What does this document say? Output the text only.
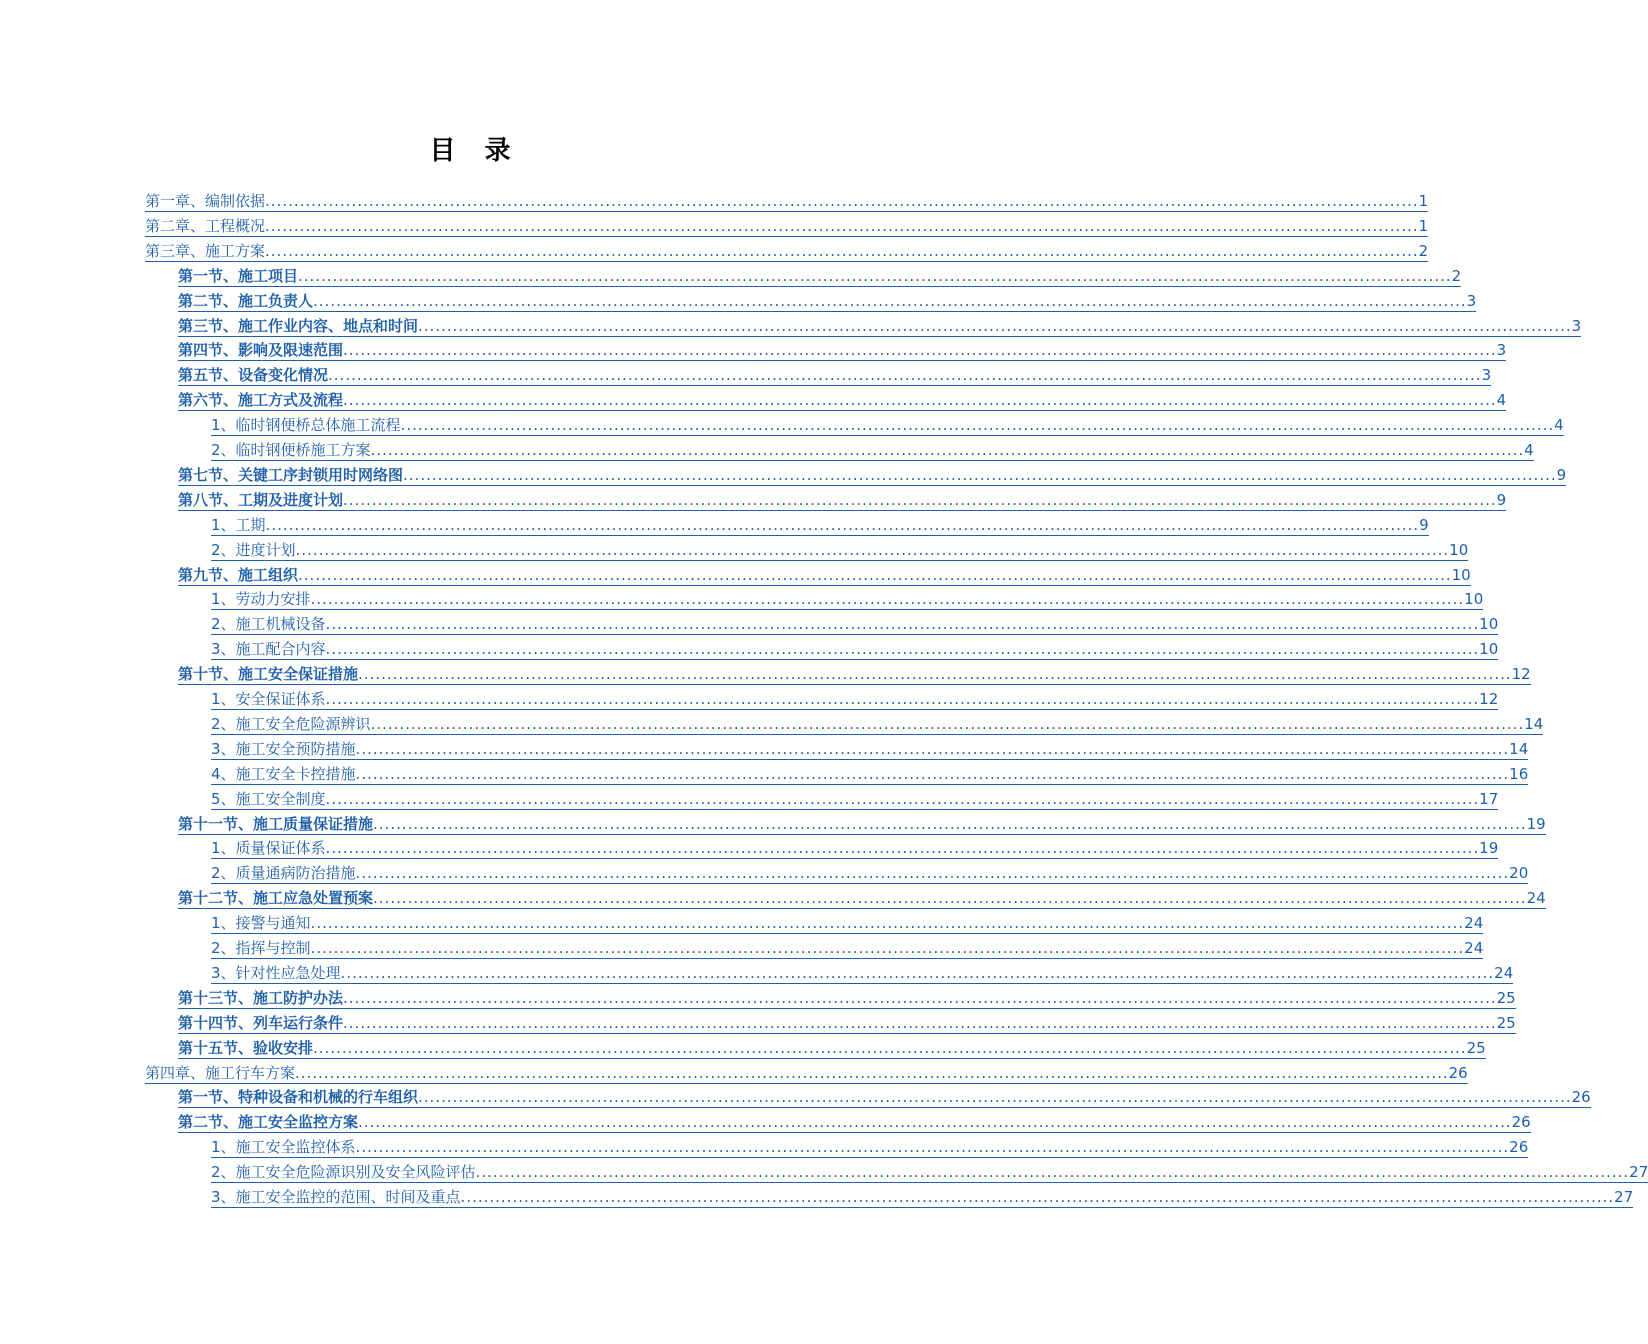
目 录
第一章、编制依据 ........................................................................................................................................................................................................ 1
第二章、工程概况 ........................................................................................................................................................................................................ 1
第三章、施工方案 ........................................................................................................................................................................................................ 2
第一节、施工项目 ........................................................................................................................................................................................................ 2
第二节、施工负责人 ........................................................................................................................................................................................................ 3
第三节、施工作业内容、地点和时间 ........................................................................................................................................................................................................ 3
第四节、影响及限速范围 ........................................................................................................................................................................................................ 3
第五节、设备变化情况 ........................................................................................................................................................................................................ 3
第六节、施工方式及流程 ........................................................................................................................................................................................................ 4
1、临时钢便桥总体施工流程 ........................................................................................................................................................................................................ 4
2、临时钢便桥施工方案 ........................................................................................................................................................................................................ 4
第七节、关键工序封锁用时网络图 ........................................................................................................................................................................................................ 9
第八节、工期及进度计划 ........................................................................................................................................................................................................ 9
1、工期 ........................................................................................................................................................................................................ 9
2、进度计划 ........................................................................................................................................................................................................ 10
第九节、施工组织 ........................................................................................................................................................................................................ 10
1、劳动力安排 ........................................................................................................................................................................................................ 10
2、施工机械设备 ........................................................................................................................................................................................................ 10
3、施工配合内容 ........................................................................................................................................................................................................ 10
第十节、施工安全保证措施 ........................................................................................................................................................................................................ 12
1、安全保证体系 ........................................................................................................................................................................................................ 12
2、施工安全危险源辨识 ........................................................................................................................................................................................................ 14
3、施工安全预防措施 ........................................................................................................................................................................................................ 14
4、施工安全卡控措施 ........................................................................................................................................................................................................ 16
5、施工安全制度 ........................................................................................................................................................................................................ 17
第十一节、施工质量保证措施 ........................................................................................................................................................................................................ 19
1、质量保证体系 ........................................................................................................................................................................................................ 19
2、质量通病防治措施 ........................................................................................................................................................................................................ 20
第十二节、施工应急处置预案 ........................................................................................................................................................................................................ 24
1、接警与通知 ........................................................................................................................................................................................................ 24
2、指挥与控制 ........................................................................................................................................................................................................ 24
3、针对性应急处理 ........................................................................................................................................................................................................ 24
第十三节、施工防护办法 ........................................................................................................................................................................................................ 25
第十四节、列车运行条件 ........................................................................................................................................................................................................ 25
第十五节、验收安排 ........................................................................................................................................................................................................ 25
第四章、施工行车方案 ........................................................................................................................................................................................................ 26
第一节、特种设备和机械的行车组织 ........................................................................................................................................................................................................ 26
第二节、施工安全监控方案 ........................................................................................................................................................................................................ 26
1、施工安全监控体系 ........................................................................................................................................................................................................ 26
2、施工安全危险源识别及安全风险评估 ........................................................................................................................................................................................................ 27
3、施工安全监控的范围、时间及重点 ........................................................................................................................................................................................................ 27
